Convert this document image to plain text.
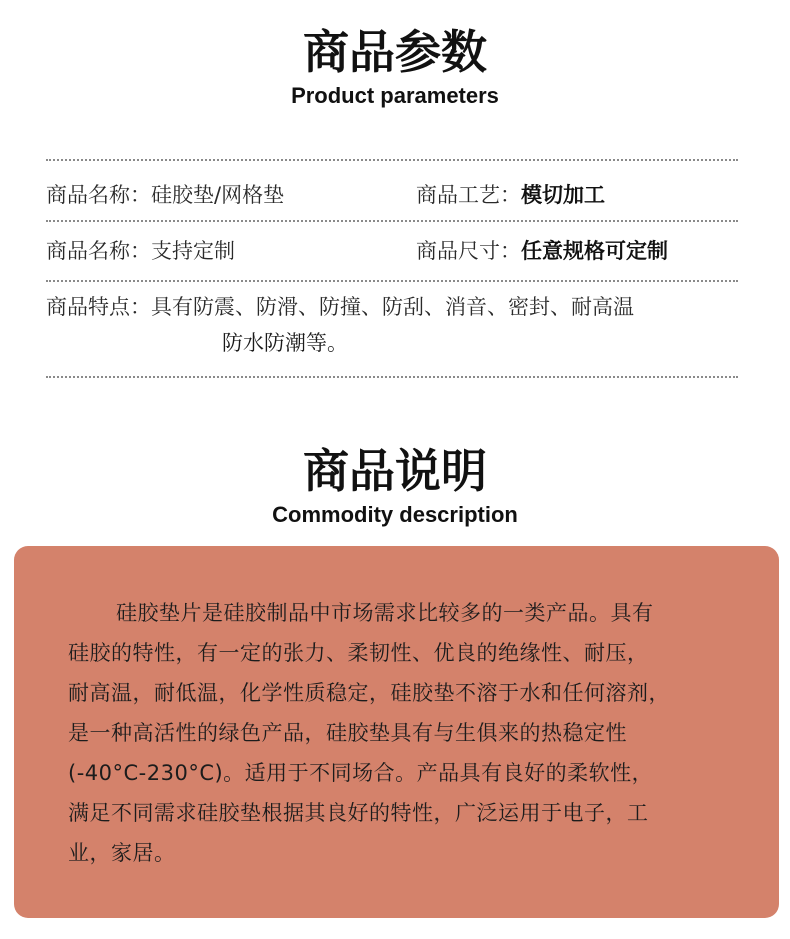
商品参数
Product parameters
商品名称：硅胶垫/网格垫	商品工艺：模切加工
商品名称：支持定制	商品尺寸：任意规格可定制
商品特点：具有防震、防滑、防撞、防刮、消音、密封、耐高温
防水防潮等。
商品说明
Commodity description
硅胶垫片是硅胶制品中市场需求比较多的一类产品。具有
硅胶的特性，有一定的张力、柔韧性、优良的绝缘性、耐压，
耐高温，耐低温，化学性质稳定，硅胶垫不溶于水和任何溶剂，
是一种高活性的绿色产品，硅胶垫具有与生俱来的热稳定性
(-40°C-230°C)。适用于不同场合。产品具有良好的柔软性，
满足不同需求硅胶垫根据其良好的特性，广泛运用于电子，工
业，家居。
